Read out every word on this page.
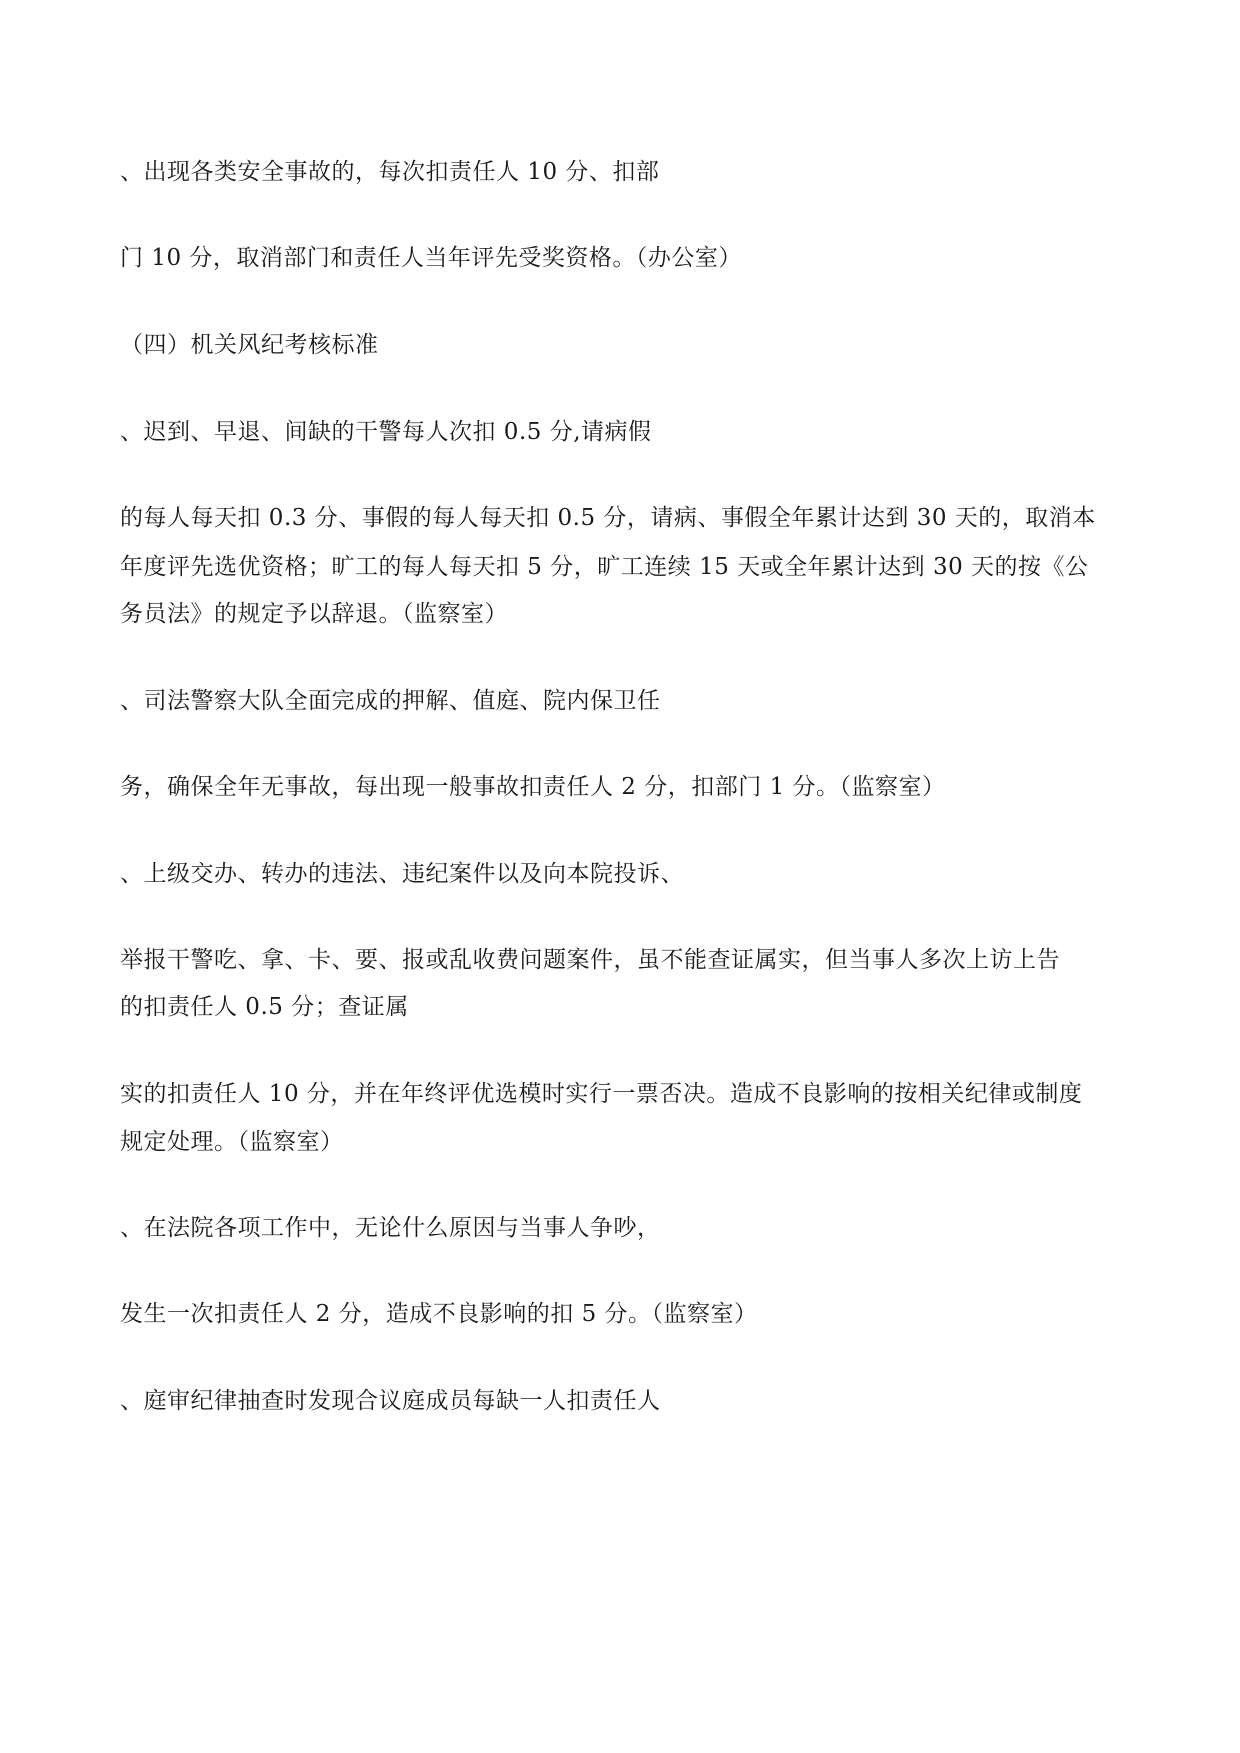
、出现各类安全事故的，每次扣责任人 10 分、扣部
门 10 分，取消部门和责任人当年评先受奖资格。（办公室）
（四）机关风纪考核标准
、迟到、早退、间缺的干警每人次扣 0.5 分,请病假
的每人每天扣 0.3 分、事假的每人每天扣 0.5 分，请病、事假全年累计达到 30 天的，取消本
年度评先选优资格；旷工的每人每天扣 5 分，旷工连续 15 天或全年累计达到 30 天的按《公
务员法》的规定予以辞退。（监察室）
、司法警察大队全面完成的押解、值庭、院内保卫任
务，确保全年无事故，每出现一般事故扣责任人 2 分，扣部门 1 分。（监察室）
、上级交办、转办的违法、违纪案件以及向本院投诉、
举报干警吃、拿、卡、要、报或乱收费问题案件，虽不能查证属实，但当事人多次上访上告
的扣责任人 0.5 分；查证属
实的扣责任人 10 分，并在年终评优选模时实行一票否决。造成不良影响的按相关纪律或制度
规定处理。（监察室）
、在法院各项工作中，无论什么原因与当事人争吵，
发生一次扣责任人 2 分，造成不良影响的扣 5 分。（监察室）
、庭审纪律抽查时发现合议庭成员每缺一人扣责任人
